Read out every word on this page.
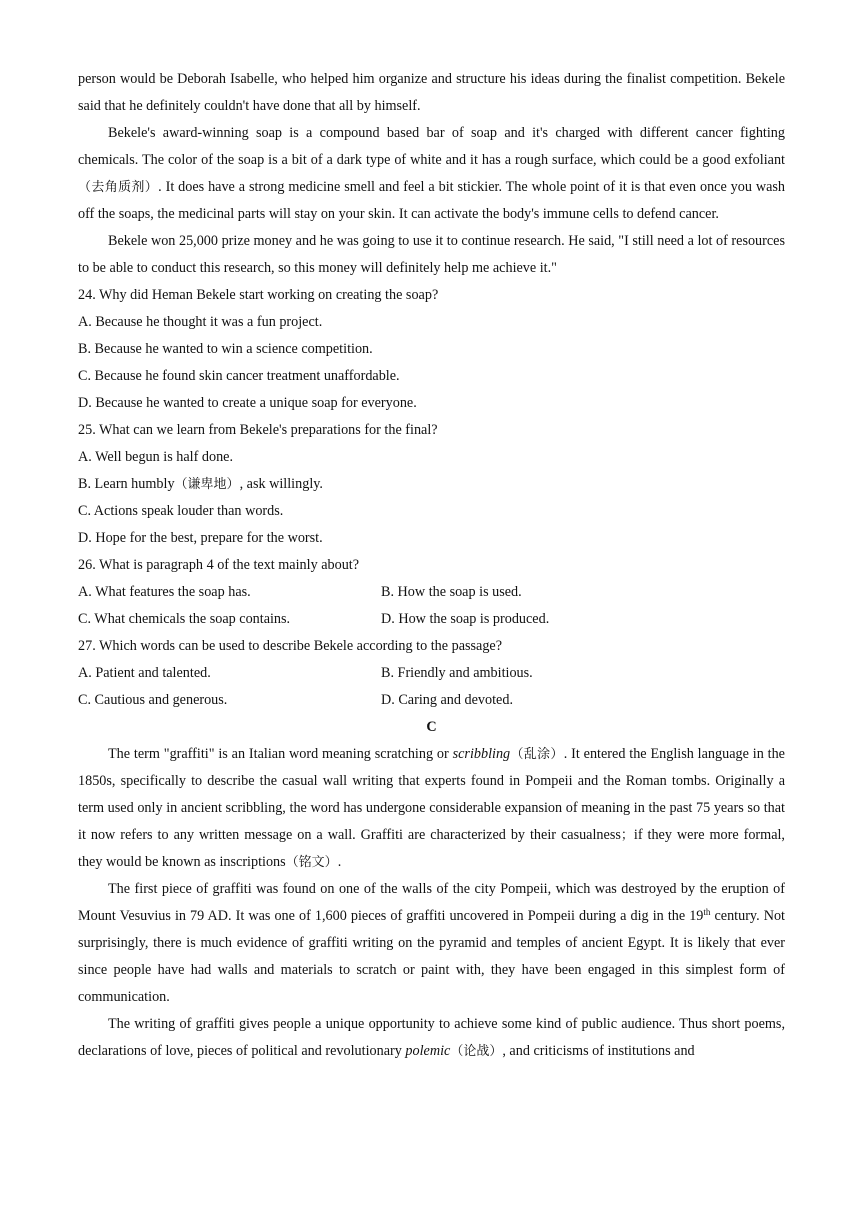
person would be Deborah Isabelle, who helped him organize and structure his ideas during the finalist competition. Bekele said that he definitely couldn't have done that all by himself.

Bekele's award-winning soap is a compound based bar of soap and it's charged with different cancer fighting chemicals. The color of the soap is a bit of a dark type of white and it has a rough surface, which could be a good exfoliant（去角质剂）. It does have a strong medicine smell and feel a bit stickier. The whole point of it is that even once you wash off the soaps, the medicinal parts will stay on your skin. It can activate the body's immune cells to defend cancer.

Bekele won 25,000 prize money and he was going to use it to continue research. He said, "I still need a lot of resources to be able to conduct this research, so this money will definitely help me achieve it."

24. Why did Heman Bekele start working on creating the soap?

A. Because he thought it was a fun project.

B. Because he wanted to win a science competition.

C. Because he found skin cancer treatment unaffordable.

D. Because he wanted to create a unique soap for everyone.

25. What can we learn from Bekele's preparations for the final?

A. Well begun is half done.

B. Learn humbly（谦卑地）, ask willingly.

C. Actions speak louder than words.

D. Hope for the best, prepare for the worst.

26. What is paragraph 4 of the text mainly about?

A. What features the soap has.	B. How the soap is used.
C. What chemicals the soap contains.	D. How the soap is produced.

27. Which words can be used to describe Bekele according to the passage?

A. Patient and talented.	B. Friendly and ambitious.
C. Cautious and generous.	D. Caring and devoted.

C

The term "graffiti" is an Italian word meaning scratching or scribbling（乱涂）. It entered the English language in the 1850s, specifically to describe the casual wall writing that experts found in Pompeii and the Roman tombs. Originally a term used only in ancient scribbling, the word has undergone considerable expansion of meaning in the past 75 years so that it now refers to any written message on a wall. Graffiti are characterized by their casualness；if they were more formal, they would be known as inscriptions（铭文）.

The first piece of graffiti was found on one of the walls of the city Pompeii, which was destroyed by the eruption of Mount Vesuvius in 79 AD. It was one of 1,600 pieces of graffiti uncovered in Pompeii during a dig in the 19th century. Not surprisingly, there is much evidence of graffiti writing on the pyramid and temples of ancient Egypt. It is likely that ever since people have had walls and materials to scratch or paint with, they have been engaged in this simplest form of communication.

The writing of graffiti gives people a unique opportunity to achieve some kind of public audience. Thus short poems, declarations of love, pieces of political and revolutionary polemic（论战）, and criticisms of institutions and
